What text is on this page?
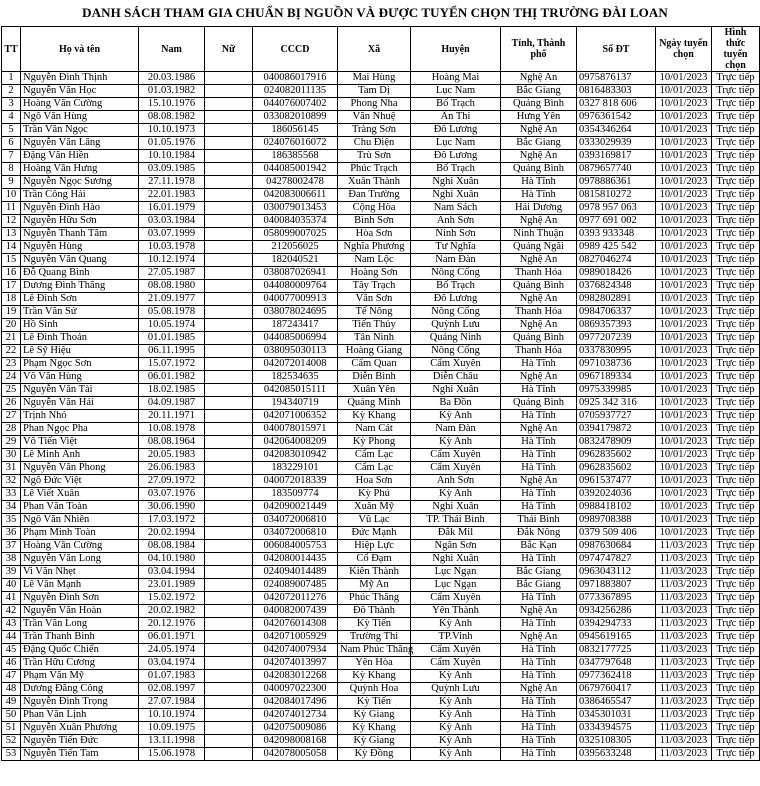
DANH SÁCH THAM GIA CHUẨN BỊ NGUỒN VÀ ĐƯỢC TUYỂN CHỌN THỊ TRƯỜNG ĐÀI LOAN
TT	Họ và tên	Nam	Nữ	CCCD	Xã	Huyện	Tỉnh, Thành phố	Số ĐT	Ngày tuyển chọn	Hình thức tuyển chọn
1	Nguyễn Đình Thịnh	20.03.1986		040086017916	Mai Hùng	Hoàng Mai	Nghệ An	0975876137	10/01/2023	Trực tiếp
2	Nguyễn Văn Học	01.03.1982		024082011135	Tam Dị	Lục Nam	Bắc Giang	0816483303	10/01/2023	Trực tiếp
3	Hoàng Văn Cường	15.10.1976		044076007402	Phong Nha	Bố Trạch	Quảng Bình	0327 818 606	10/01/2023	Trực tiếp
4	Ngô Văn Hùng	08.08.1982		033082010899	Văn Nhuệ	Ân Thi	Hưng Yên	0976361542	10/01/2023	Trực tiếp
5	Trần Văn Ngọc	10.10.1973		186056145	Tràng Sơn	Đô Lương	Nghệ An	0354346264	10/01/2023	Trực tiếp
6	Nguyễn Văn Lăng	01.05.1976		024076016072	Chu Điện	Lục Nam	Bắc Giang	0333029939	10/01/2023	Trực tiếp
7	Đặng Văn Hiền	10.10.1984		186385568	Trù Sơn	Đô Lương	Nghệ An	0393169817	10/01/2023	Trực tiếp
8	Hoàng Văn Hưng	03.09.1985		044085001942	Phúc Trạch	Bố Trạch	Quảng Bình	0879657740	10/01/2023	Trực tiếp
9	Nguyễn Ngọc Sương	27.11.1978		04278002478	Xuân Thành	Nghi Xuân	Hà Tĩnh	0978886361	10/01/2023	Trực tiếp
10	Trần Công Hải	22.01.1983		042083006611	Đan Trường	Nghi Xuân	Hà Tĩnh	0815810272	10/01/2023	Trực tiếp
11	Nguyễn Đình Hào	16.01.1979		030079013453	Cộng Hòa	Nam Sách	Hải Dương	0978 957 063	10/01/2023	Trực tiếp
12	Nguyễn Hữu Sơn	03.03.1984		040084035374	Bình Sơn	Anh Sơn	Nghệ An	0977 691 002	10/01/2023	Trực tiếp
13	Nguyễn Thanh Tâm	03.07.1999		058099007025	Hòa Sơn	Ninh Sơn	Ninh Thuận	0393 933348	10/01/2023	Trực tiếp
14	Nguyễn Hùng	10.03.1978		212056025	Nghĩa Phương	Tư Nghĩa	Quảng Ngãi	0989 425 542	10/01/2023	Trực tiếp
15	Nguyễn Văn Quang	10.12.1974		182040521	Nam Lộc	Nam Đàn	Nghệ An	0827046274	10/01/2023	Trực tiếp
16	Đỗ Quang Bình	27.05.1987		038087026941	Hoàng Sơn	Nông Cống	Thanh Hóa	0989018426	10/01/2023	Trực tiếp
17	Dương Đình Thăng	08.08.1980		044080009764	Tây Trạch	Bố Trạch	Quảng Bình	0376824348	10/01/2023	Trực tiếp
18	Lê Đình Sơn	21.09.1977		040077009913	Văn Sơn	Đô Lương	Nghệ An	0982802891	10/01/2023	Trực tiếp
19	Trần Văn Sử	05.08.1978		038078024695	Tế Nông	Nông Cống	Thanh Hóa	0984706337	10/01/2023	Trực tiếp
20	Hồ Sinh	10.05.1974		187243417	Tiến Thủy	Quỳnh Lưu	Nghệ An	0869357393	10/01/2023	Trực tiếp
21	Lê Đình Thoản	01.01.1985		044085006994	Tân Ninh	Quảng Ninh	Quảng Bình	0977207239	10/01/2023	Trực tiếp
22	Lê Sỹ Hiệu	06.11.1995		038095030113	Hoàng Giang	Nông Cống	Thanh Hóa	0337830995	10/01/2023	Trực tiếp
23	Phạm Ngọc Sơn	15.07.1972		042072014008	Cẩm Quan	Cẩm Xuyên	Hà Tĩnh	0971038736	10/01/2023	Trực tiếp
24	Võ Văn Hùng	06.01.1982		182534635	Diễn Bình	Diễn Châu	Nghệ An	0967189334	10/01/2023	Trực tiếp
25	Nguyễn Văn Tài	18.02.1985		042085015111	Xuân Yên	Nghi Xuân	Hà Tĩnh	0975339985	10/01/2023	Trực tiếp
26	Nguyễn Văn Hải	04.09.1987		194340719	Quảng Minh	Ba Đồn	Quảng Bình	0925 342 316	10/01/2023	Trực tiếp
27	Trịnh Nhỏ	20.11.1971		042071006352	Kỳ Khang	Kỳ Anh	Hà Tĩnh	0705937727	10/01/2023	Trực tiếp
28	Phan Ngọc Pha	10.08.1978		040078015971	Nam Cát	Nam Đàn	Nghệ An	0394179872	10/01/2023	Trực tiếp
29	Võ Tiến Việt	08.08.1964		042064008209	Kỳ Phong	Kỳ Anh	Hà Tĩnh	0832478909	10/01/2023	Trực tiếp
30	Lê Minh Ánh	20.05.1983		042083010942	Cẩm Lạc	Cẩm Xuyên	Hà Tĩnh	0962835602	10/01/2023	Trực tiếp
31	Nguyễn Văn Phong	26.06.1983		183229101	Cẩm Lạc	Cẩm Xuyên	Hà Tĩnh	0962835602	10/01/2023	Trực tiếp
32	Ngô Đức Việt	27.09.1972		040072018339	Hoa Sơn	Anh Sơn	Nghệ An	0961537477	10/01/2023	Trực tiếp
33	Lê Viết Xuân	03.07.1976		183509774	Kỳ Phú	Kỳ Anh	Hà Tĩnh	0392024036	10/01/2023	Trực tiếp
34	Phan Văn Toàn	30.06.1990		042090021449	Xuân Mỹ	Nghi Xuân	Hà Tĩnh	0988418102	10/01/2023	Trực tiếp
35	Ngô Văn Nhiên	17.03.1972		034072006810	Vũ Lạc	TP. Thái Bình	Thái Bình	0989708388	10/01/2023	Trực tiếp
36	Phạm Minh Toàn	20.02.1994		034072006810	Đức Mạnh	Đắk Mil	Đắk Nông	0379 509 406	10/01/2023	Trực tiếp
37	Hoàng Văn Cường	08.08.1984		006084005753	Hiệp Lực	Ngân Sơn	Bắc Kạn	0987630684	11/03/2023	Trực tiếp
38	Nguyễn Văn Long	04.10.1980		042080014435	Cổ Đạm	Nghi Xuân	Hà Tĩnh	0974747827	11/03/2023	Trực tiếp
39	Vi Văn Nhẹt	03.04.1994		024094014489	Kiên Thành	Lục Ngạn	Bắc Giang	0963043112	11/03/2023	Trực tiếp
40	Lê Văn Mạnh	23.01.1989		024089007485	Mỹ An	Lục Ngạn	Bắc Giang	0971883807	11/03/2023	Trực tiếp
41	Nguyễn Đình Sơn	15.02.1972		042072011276	Phúc Thăng	Cẩm Xuyên	Hà Tĩnh	0773367895	11/03/2023	Trực tiếp
42	Nguyễn Văn Hoàn	20.02.1982		040082007439	Đô Thành	Yên Thành	Nghệ An	0934256286	11/03/2023	Trực tiếp
43	Trần Văn Long	20.12.1976		042076014308	Kỳ Tiến	Kỳ Anh	Hà Tĩnh	0394294733	11/03/2023	Trực tiếp
44	Trần Thanh Bình	06.01.1971		042071005929	Trường Thi	TP.Vinh	Nghệ An	0945619165	11/03/2023	Trực tiếp
45	Đặng Quốc Chiến	24.05.1974		042074007934	Nam Phúc Thăng	Cẩm Xuyên	Hà Tĩnh	0832177725	11/03/2023	Trực tiếp
46	Trần Hữu Cương	03.04.1974		042074013997	Yên Hòa	Cẩm Xuyên	Hà Tĩnh	0347797648	11/03/2023	Trực tiếp
47	Phạm Văn Mỹ	01.07.1983		042083012268	Kỳ Khang	Kỳ Anh	Hà Tĩnh	0977362418	11/03/2023	Trực tiếp
48	Dương Đăng Công	02.08.1997		040097022300	Quỳnh Hoa	Quỳnh Lưu	Nghệ An	0679760417	11/03/2023	Trực tiếp
49	Nguyễn Đình Trọng	27.07.1984		042084017496	Kỳ Tiến	Kỳ Anh	Hà Tĩnh	0386465547	11/03/2023	Trực tiếp
50	Phan Văn Lịnh	10.10.1974		042074012734	Kỳ Giang	Kỳ Anh	Hà Tĩnh	0345301031	11/03/2023	Trực tiếp
51	Nguyễn Xuân Phương	10.09.1975		042075009086	Kỳ Khang	Kỳ Anh	Hà Tĩnh	0334394575	11/03/2023	Trực tiếp
52	Nguyễn Tiến Đức	13.11.1998		042098008168	Kỳ Giang	Kỳ Anh	Hà Tĩnh	0325108305	11/03/2023	Trực tiếp
53	Nguyễn Tiến Tam	15.06.1978		042078005058	Kỳ Đồng	Kỳ Anh	Hà Tĩnh	0395633248	11/03/2023	Trực tiếp
